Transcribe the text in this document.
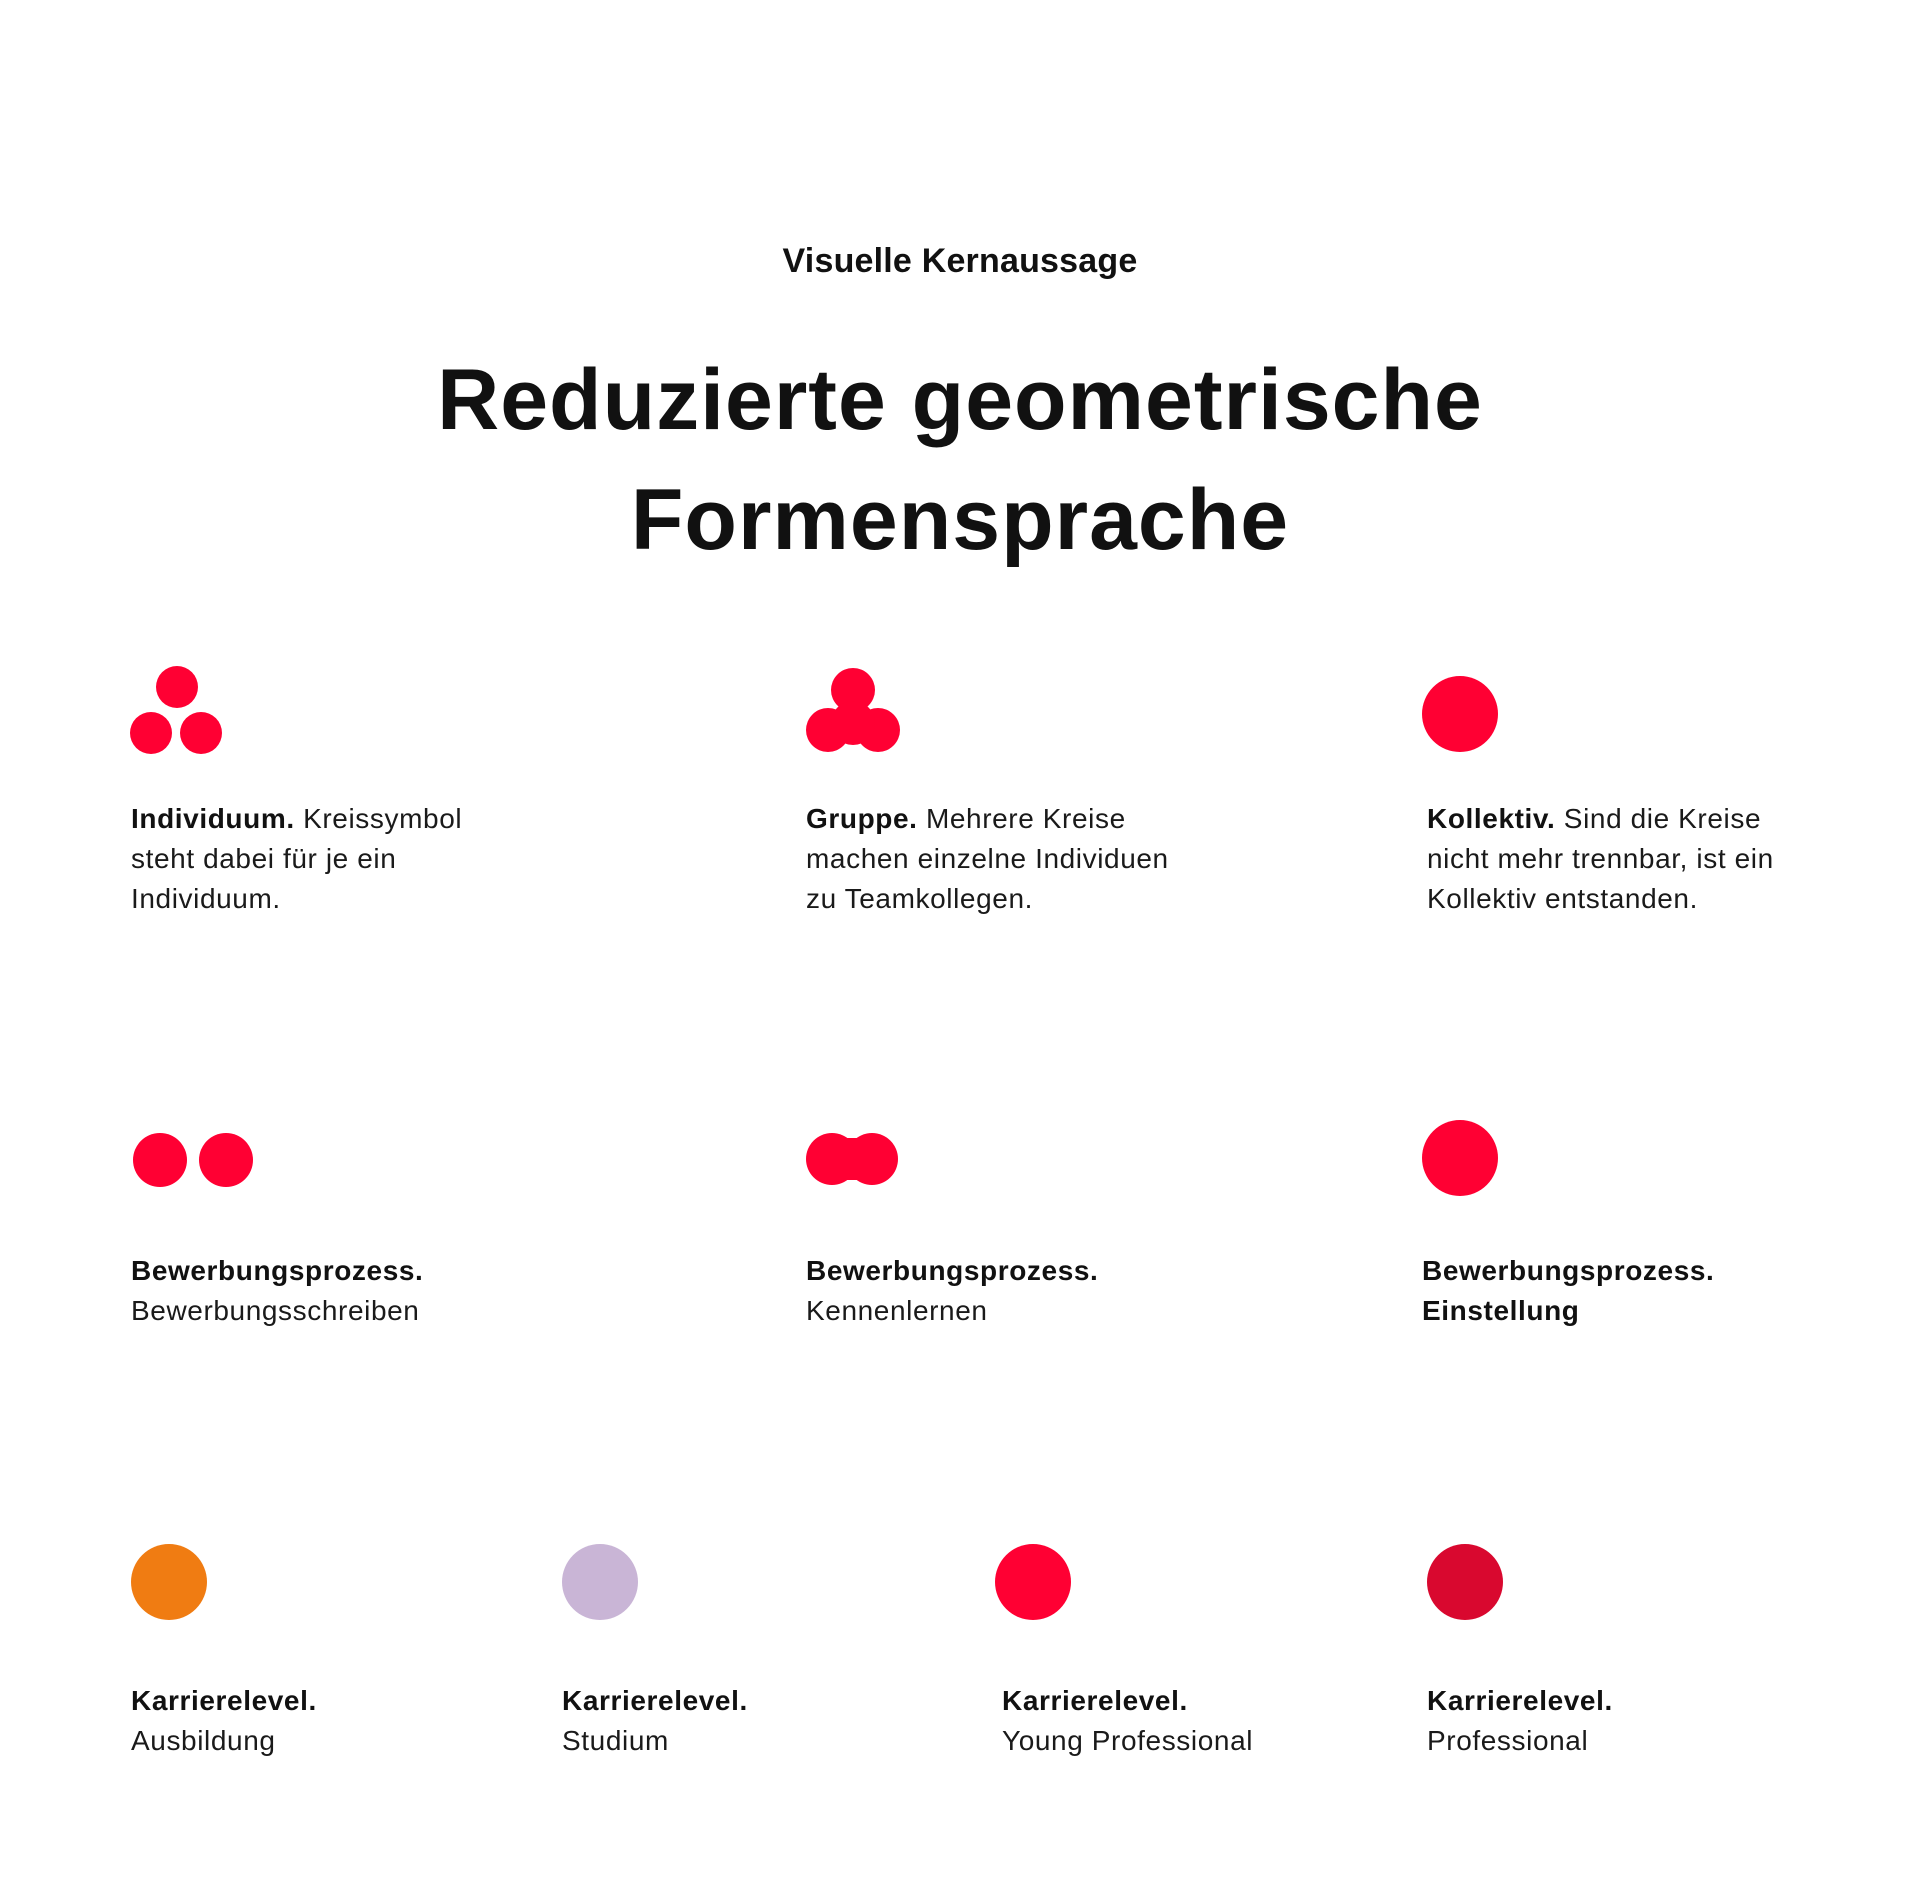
Visuelle Kernaussage
Reduzierte geometrische
Formensprache

Individuum. Kreissymbol
steht dabei für je ein
Individuum.

Gruppe. Mehrere Kreise
machen einzelne Individuen
zu Teamkollegen.

Kollektiv. Sind die Kreise
nicht mehr trennbar, ist ein
Kollektiv entstanden.

Bewerbungsprozess.
Bewerbungsschreiben

Bewerbungsprozess.
Kennenlernen

Bewerbungsprozess.
Einstellung

Karrierelevel.
Ausbildung

Karrierelevel.
Studium

Karrierelevel.
Young Professional

Karrierelevel.
Professional
